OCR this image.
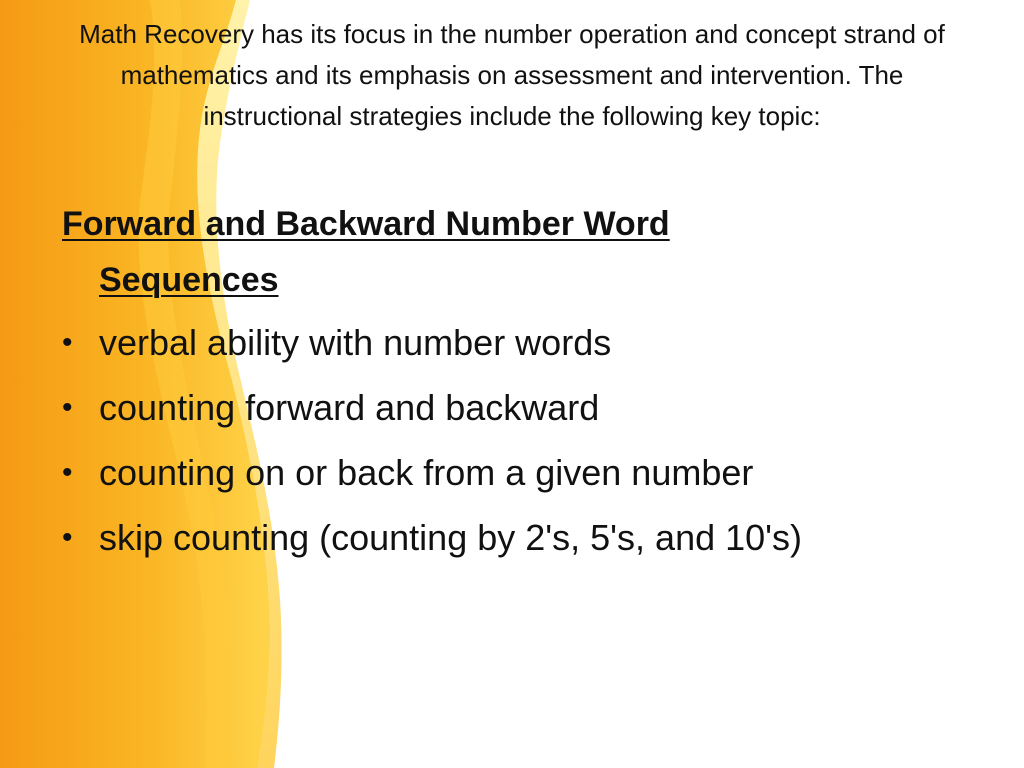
Math Recovery has its focus in the number operation and concept strand of mathematics and its emphasis on assessment and intervention. The instructional strategies include the following key topic:

Forward and Backward Number Word
Sequences
• verbal ability with number words
• counting forward and backward
• counting on or back from a given number
• skip counting (counting by 2's, 5's, and 10's)
